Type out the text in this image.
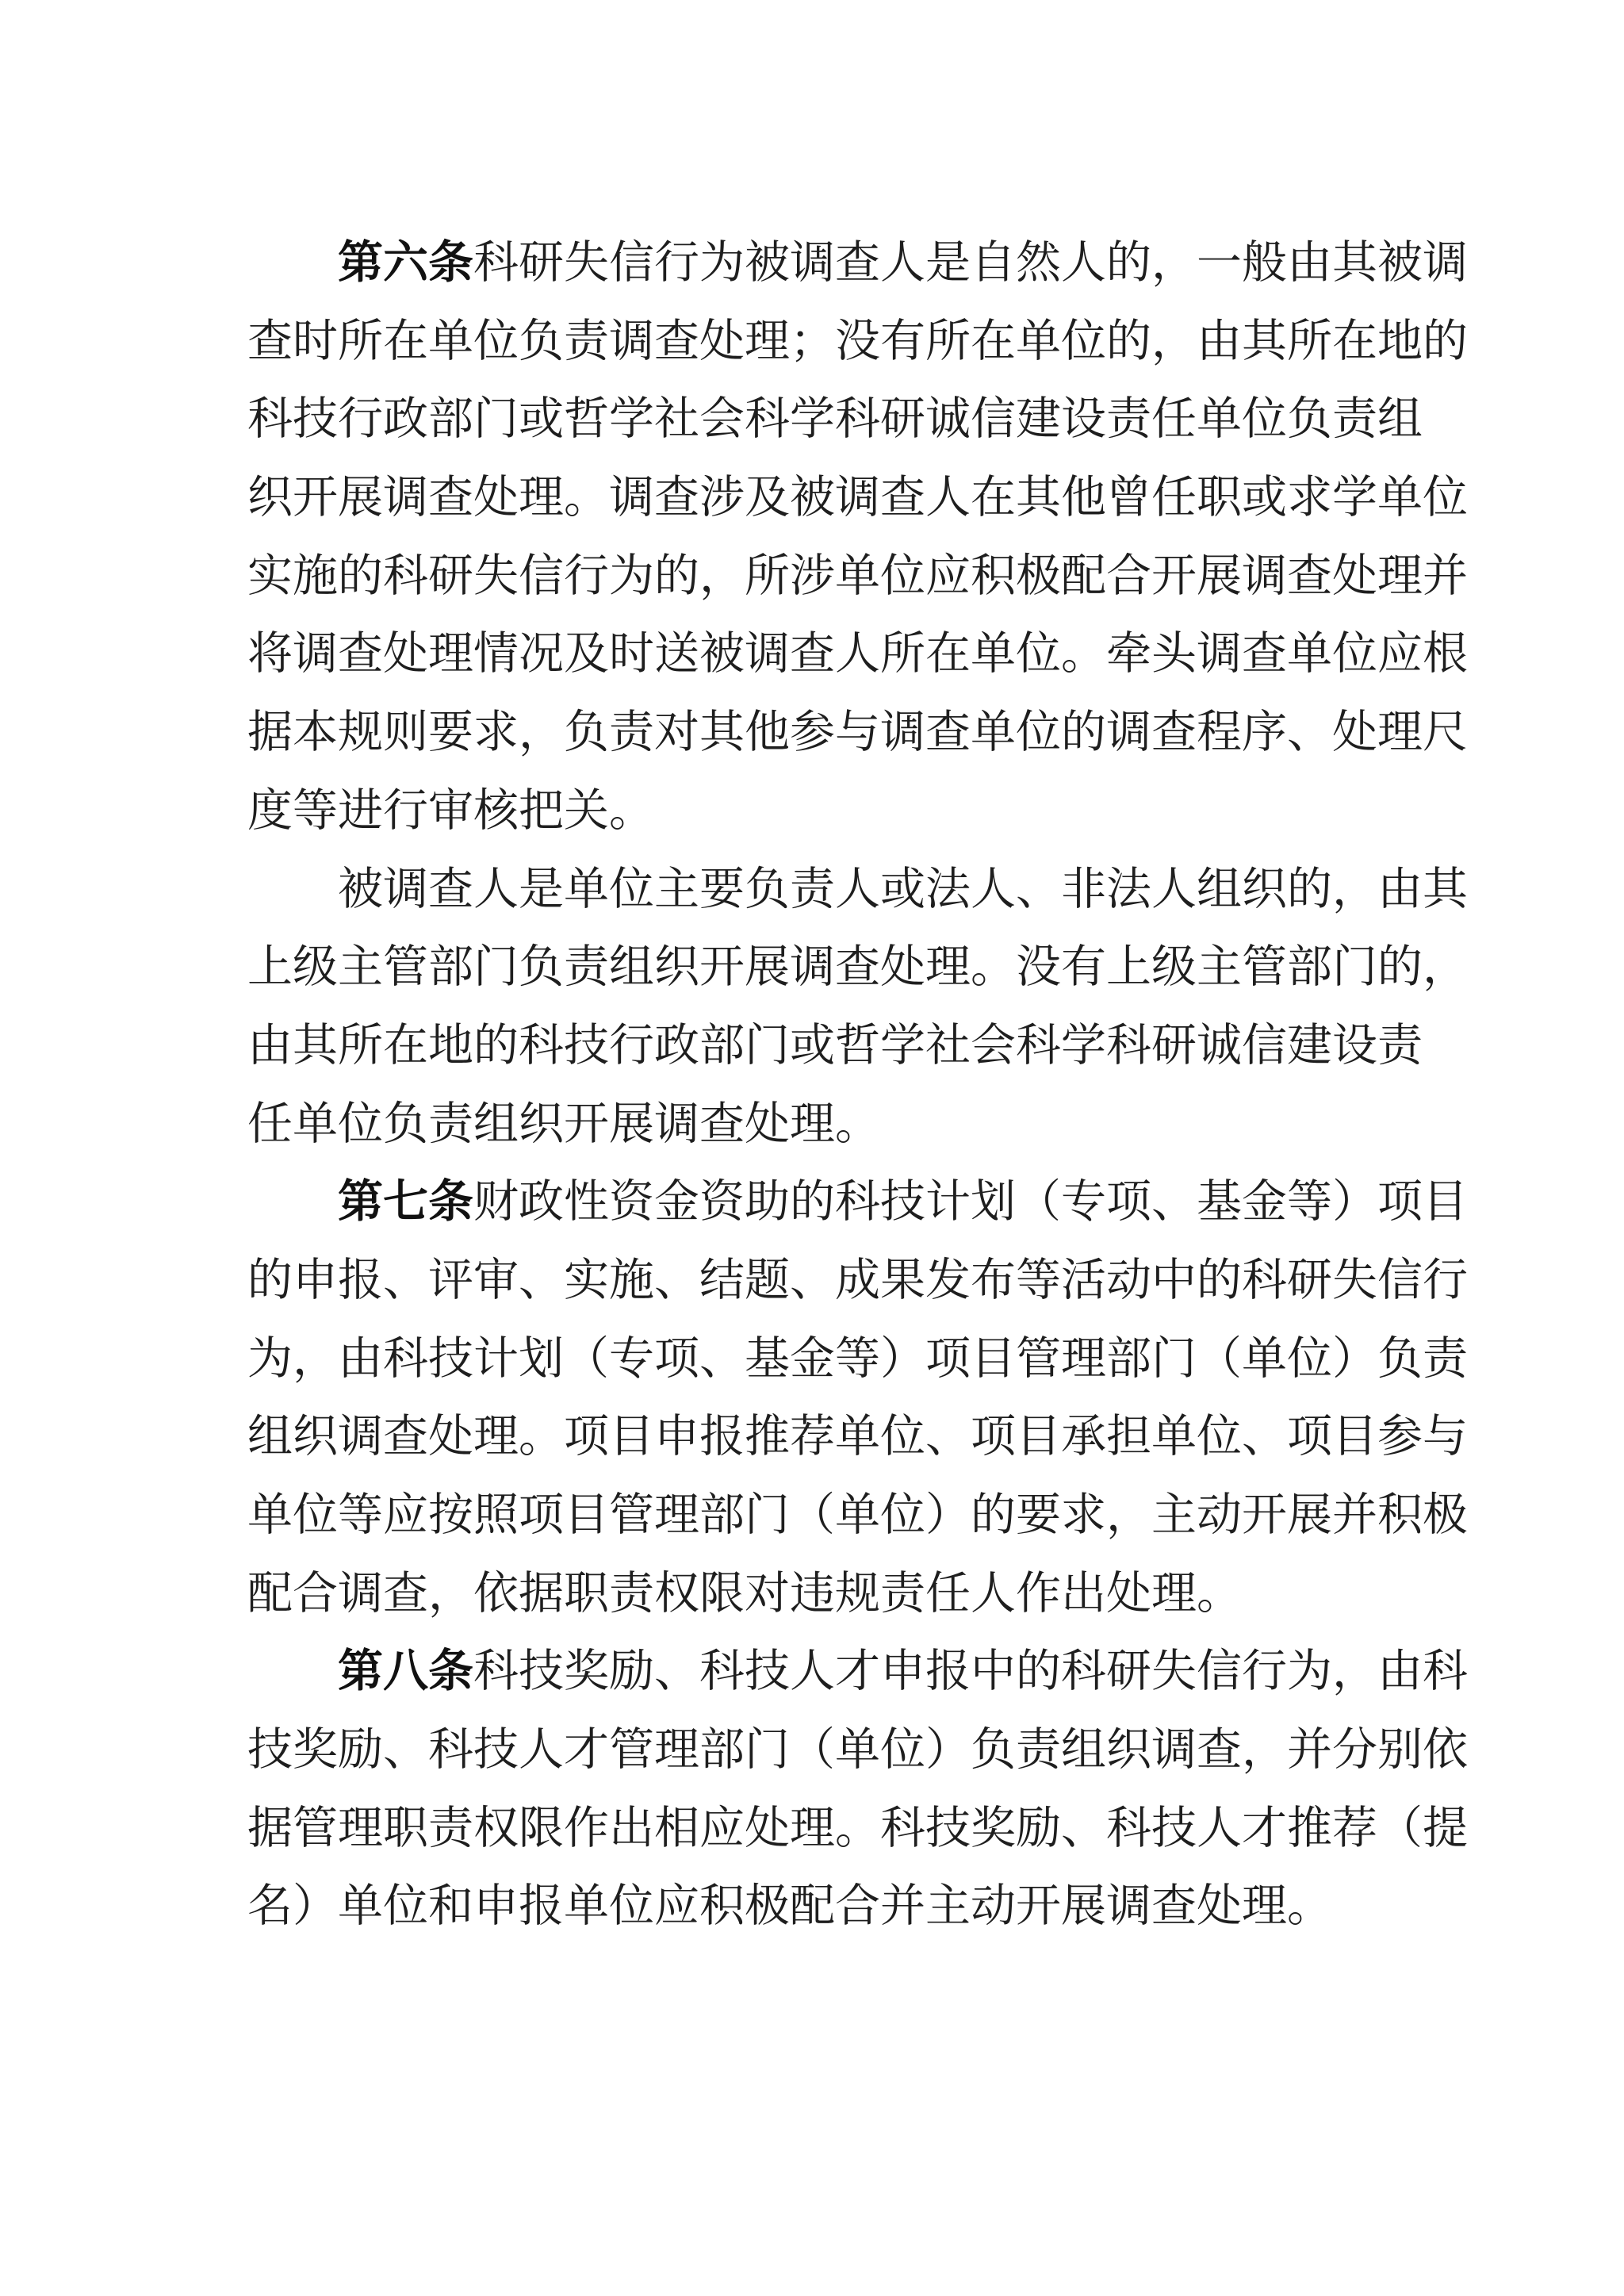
第六条科研失信行为被调查人是自然人的，一般由其被调
查时所在单位负责调查处理；没有所在单位的，由其所在地的
科技行政部门或哲学社会科学科研诚信建设责任单位负责组
织开展调查处理。调查涉及被调查人在其他曾任职或求学单位
实施的科研失信行为的，所涉单位应积极配合开展调查处理并
将调查处理情况及时送被调查人所在单位。牵头调查单位应根
据本规则要求，负责对其他参与调查单位的调查程序、处理尺
度等进行审核把关。
被调查人是单位主要负责人或法人、非法人组织的，由其
上级主管部门负责组织开展调查处理。没有上级主管部门的，
由其所在地的科技行政部门或哲学社会科学科研诚信建设责
任单位负责组织开展调查处理。
第七条财政性资金资助的科技计划（专项、基金等）项目
的申报、评审、实施、结题、成果发布等活动中的科研失信行
为，由科技计划（专项、基金等）项目管理部门（单位）负责
组织调查处理。项目申报推荐单位、项目承担单位、项目参与
单位等应按照项目管理部门（单位）的要求，主动开展并积极
配合调查，依据职责权限对违规责任人作出处理。
第八条科技奖励、科技人才申报中的科研失信行为，由科
技奖励、科技人才管理部门（单位）负责组织调查，并分别依
据管理职责权限作出相应处理。科技奖励、科技人才推荐（提
名）单位和申报单位应积极配合并主动开展调查处理。
